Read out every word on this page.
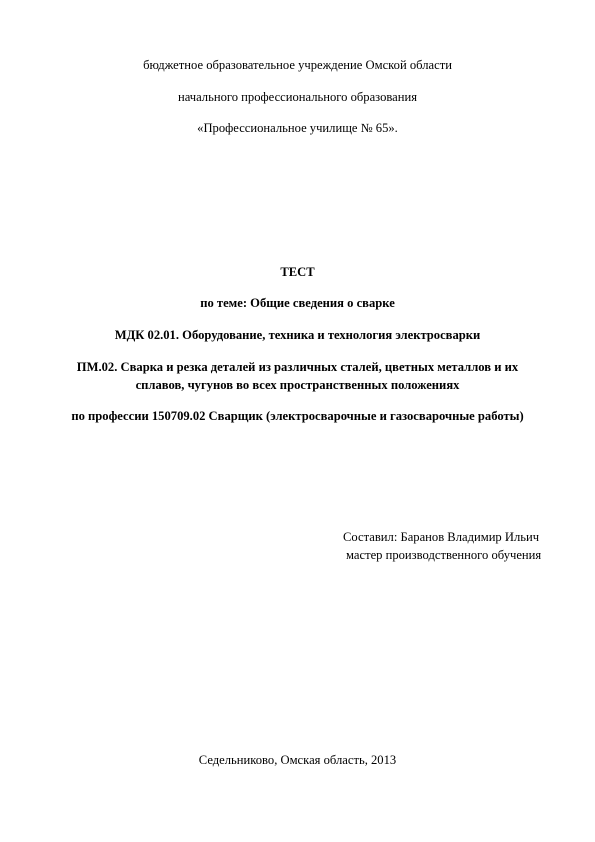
бюджетное образовательное учреждение Омской области
начального профессионального образования
«Профессиональное училище № 65».
ТЕСТ
по теме: Общие сведения о сварке
МДК 02.01. Оборудование, техника и технология электросварки
ПМ.02. Сварка и резка деталей из различных сталей, цветных металлов и их
сплавов, чугунов во всех пространственных положениях
по профессии 150709.02 Сварщик (электросварочные и газосварочные работы)
Составил: Баранов Владимир Ильич
мастер производственного обучения
Седельниково, Омская область, 2013
